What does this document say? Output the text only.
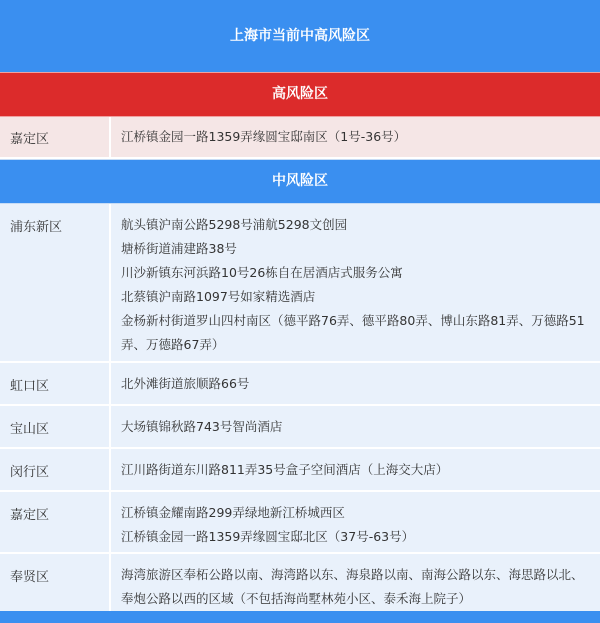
上海市当前中高风险区
高风险区
嘉定区	江桥镇金园一路1359弄缘圆宝邸南区（1号-36号）
中风险区
浦东新区	航头镇沪南公路5298号浦航5298文创园
塘桥街道浦建路38号
川沙新镇东河浜路10号26栋自在居酒店式服务公寓
北蔡镇沪南路1097号如家精选酒店
金杨新村街道罗山四村南区（德平路76弄、德平路80弄、博山东路81弄、万德路51弄、万德路67弄）
虹口区	北外滩街道旅顺路66号
宝山区	大场镇锦秋路743号智尚酒店
闵行区	江川路街道东川路811弄35号盒子空间酒店（上海交大店）
嘉定区	江桥镇金耀南路299弄绿地新江桥城西区
江桥镇金园一路1359弄缘圆宝邸北区（37号-63号）
奉贤区	海湾旅游区奉柘公路以南、海湾路以东、海泉路以南、南海公路以东、海思路以北、奉炮公路以西的区域（不包括海尚墅林苑小区、泰禾海上院子）
